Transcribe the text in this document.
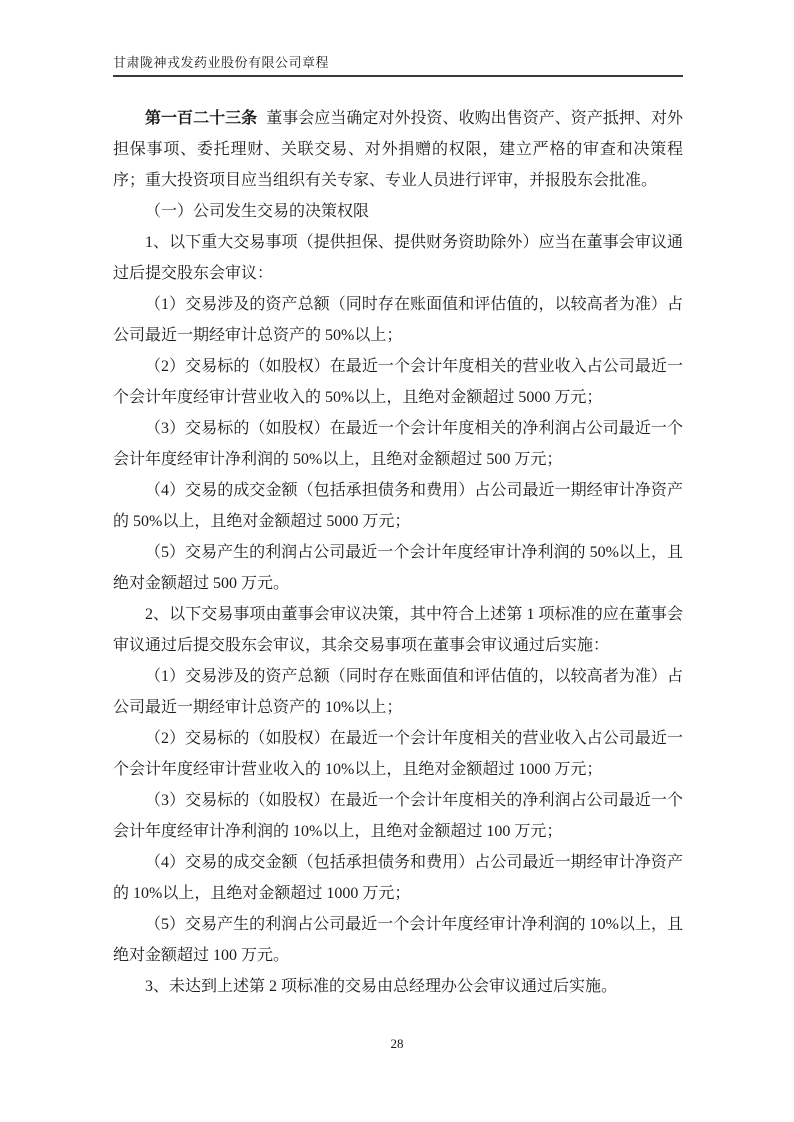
甘肃陇神戎发药业股份有限公司章程

第一百二十三条 董事会应当确定对外投资、收购出售资产、资产抵押、对外担保事项、委托理财、关联交易、对外捐赠的权限，建立严格的审查和决策程序；重大投资项目应当组织有关专家、专业人员进行评审，并报股东会批准。

（一）公司发生交易的决策权限

1、以下重大交易事项（提供担保、提供财务资助除外）应当在董事会审议通过后提交股东会审议：

（1）交易涉及的资产总额（同时存在账面值和评估值的，以较高者为准）占公司最近一期经审计总资产的 50%以上；

（2）交易标的（如股权）在最近一个会计年度相关的营业收入占公司最近一个会计年度经审计营业收入的 50%以上，且绝对金额超过 5000 万元；

（3）交易标的（如股权）在最近一个会计年度相关的净利润占公司最近一个会计年度经审计净利润的 50%以上，且绝对金额超过 500 万元；

（4）交易的成交金额（包括承担债务和费用）占公司最近一期经审计净资产的 50%以上，且绝对金额超过 5000 万元；

（5）交易产生的利润占公司最近一个会计年度经审计净利润的 50%以上，且绝对金额超过 500 万元。

2、以下交易事项由董事会审议决策，其中符合上述第 1 项标准的应在董事会审议通过后提交股东会审议，其余交易事项在董事会审议通过后实施：

（1）交易涉及的资产总额（同时存在账面值和评估值的，以较高者为准）占公司最近一期经审计总资产的 10%以上；

（2）交易标的（如股权）在最近一个会计年度相关的营业收入占公司最近一个会计年度经审计营业收入的 10%以上，且绝对金额超过 1000 万元；

（3）交易标的（如股权）在最近一个会计年度相关的净利润占公司最近一个会计年度经审计净利润的 10%以上，且绝对金额超过 100 万元；

（4）交易的成交金额（包括承担债务和费用）占公司最近一期经审计净资产的 10%以上，且绝对金额超过 1000 万元；

（5）交易产生的利润占公司最近一个会计年度经审计净利润的 10%以上，且绝对金额超过 100 万元。

3、未达到上述第 2 项标准的交易由总经理办公会审议通过后实施。

28
